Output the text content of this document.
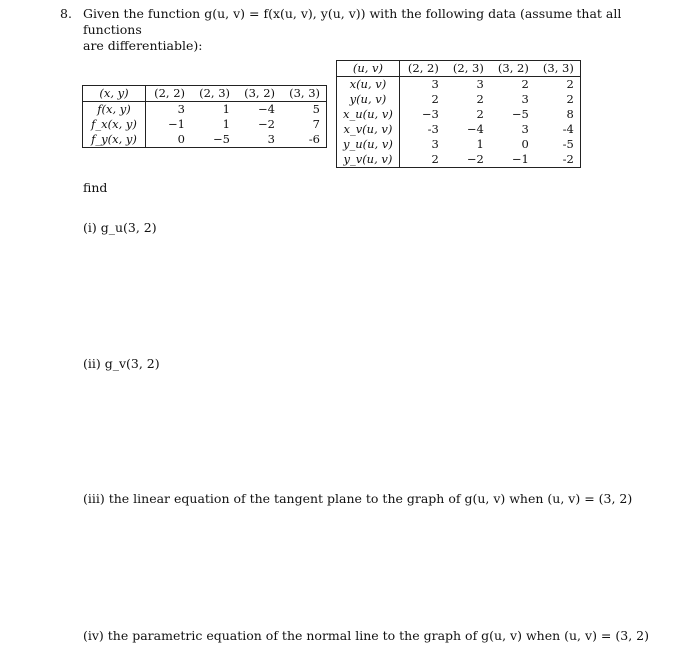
8. Given the function g(u, v) = f(x(u, v), y(u, v)) with the following data (assume that all functions
are differentiable):
(x, y)	(2, 2)	(2, 3)	(3, 2)	(3, 3)
f(x, y)	3	1	−4	5
f_x(x, y)	−1	1	−2	7
f_y(x, y)	0	−5	3	-6
(u, v)	(2, 2)	(2, 3)	(3, 2)	(3, 3)
x(u, v)	3	3	2	2
y(u, v)	2	2	3	2
x_u(u, v)	−3	2	−5	8
x_v(u, v)	-3	−4	3	-4
y_u(u, v)	3	1	0	-5
y_v(u, v)	2	−2	−1	-2
find
(i) g_u(3, 2)
(ii) g_v(3, 2)
(iii) the linear equation of the tangent plane to the graph of g(u, v) when (u, v) = (3, 2)
(iv) the parametric equation of the normal line to the graph of g(u, v) when (u, v) = (3, 2)
